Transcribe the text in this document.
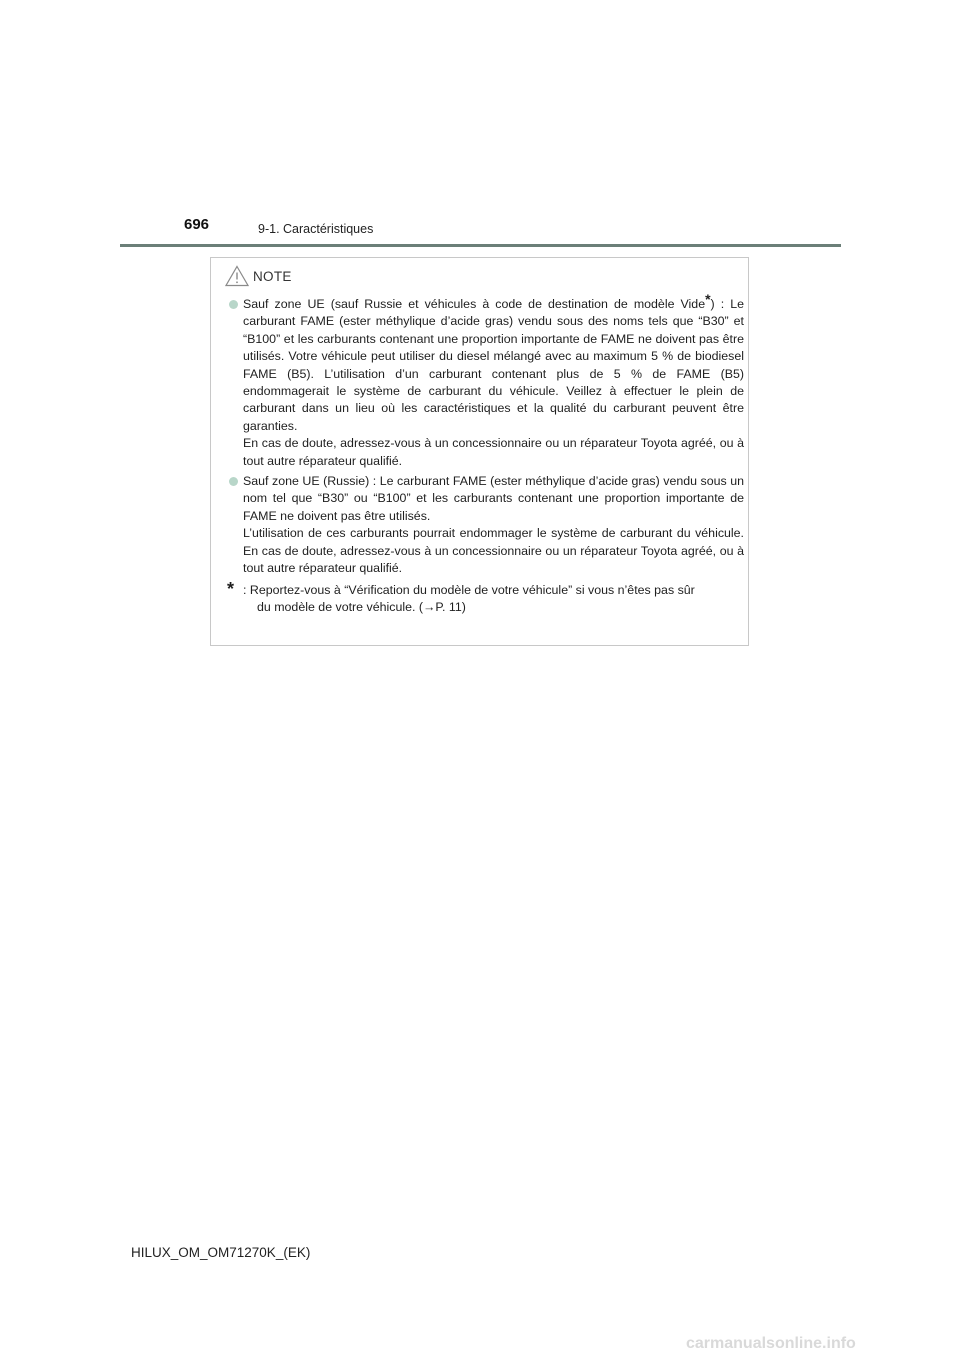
696	9-1. Caractéristiques
NOTE

Sauf zone UE (sauf Russie et véhicules à code de destination de modèle Vide*) : Le carburant FAME (ester méthylique d’acide gras) vendu sous des noms tels que “B30” et “B100” et les carburants contenant une proportion importante de FAME ne doivent pas être utilisés. Votre véhicule peut utiliser du diesel mélangé avec au maximum 5 % de biodiesel FAME (B5). L’utilisation d’un carburant contenant plus de 5 % de FAME (B5) endommagerait le système de carburant du véhicule. Veillez à effectuer le plein de carburant dans un lieu où les caractéristiques et la qualité du carburant peuvent être garanties.

En cas de doute, adressez-vous à un concessionnaire ou un réparateur Toyota agréé, ou à tout autre réparateur qualifié.

Sauf zone UE (Russie) : Le carburant FAME (ester méthylique d’acide gras) vendu sous un nom tel que “B30” ou “B100” et les carburants contenant une proportion importante de FAME ne doivent pas être utilisés.

L’utilisation de ces carburants pourrait endommager le système de carburant du véhicule. En cas de doute, adressez-vous à un concessionnaire ou un réparateur Toyota agréé, ou à tout autre réparateur qualifié.

* : Reportez-vous à “Vérification du modèle de votre véhicule” si vous n’êtes pas sûr
du modèle de votre véhicule. (→P. 11)
HILUX_OM_OM71270K_(EK)
carmanualsonline.info
